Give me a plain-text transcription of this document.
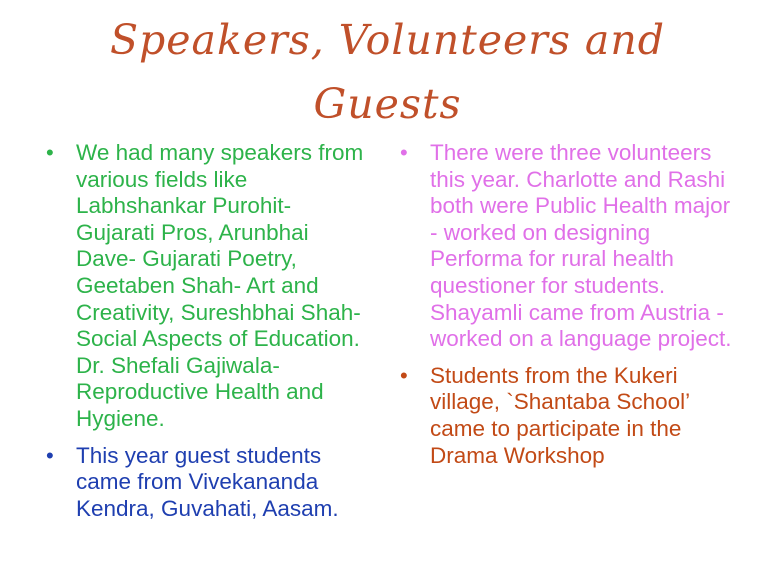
Speakers, Volunteers and Guests
• We had many speakers from various fields like Labhshankar Purohit- Gujarati Pros, Arunbhai Dave- Gujarati Poetry, Geetaben Shah- Art and Creativity, Sureshbhai Shah- Social Aspects of Education. Dr. Shefali Gajiwala- Reproductive Health and Hygiene.
• This year guest students came from Vivekananda Kendra, Guvahati, Aasam.
• There were three volunteers this year. Charlotte and Rashi both were Public Health major - worked on designing Performa for rural health questioner for students. Shayamli came from Austria - worked on a language project.
• Students from the Kukeri village, `Shantaba School’ came to participate in the Drama Workshop
